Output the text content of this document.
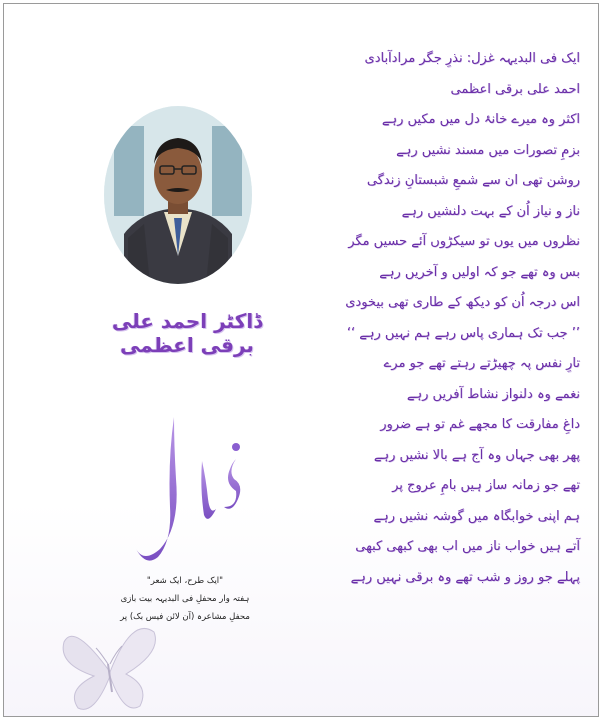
ایک فی البدیہہ غزل: نذرِ جگر مرادآبادی
احمد علی برقی اعظمی
اکثر وہ میرے خانۂ دل میں مکیں رہے
بزمِ تصورات میں مسند نشیں رہے
روشن تھی ان سے شمعِ شبستانِ زندگی
ناز و نیاز اُن کے بہت دلنشیں رہے
نظروں میں یوں تو سیکڑوں آئے حسیں مگر
بس وہ تھے جو کہ اولیں و آخریں رہے
اس درجہ اُن کو دیکھ کے طاری تھی بیخودی
’’ جب تک ہماری پاس رہے ہم نہیں رہے ‘‘
تارِ نفس پہ چھیڑتے رہتے تھے جو مرے
نغمے وہ دلنواز نشاط آفریں رہے
داغِ مفارقت کا مجھے غم تو ہے ضرور
پھر بھی جہاں وہ آج ہے بالا نشیں رہے
تھے جو زمانہ ساز ہیں بامِ عروج پر
ہم اپنی خوابگاہ میں گوشہ نشیں رہے
آتے ہیں خواب ناز میں اب بھی کبھی کبھی
پہلے جو روز و شب تھے وہ برقی نہیں رہے
ڈاکٹر احمد علی برقی اعظمی
"ایک طرح، ایک شعر"
ہفتہ وار محفلِ فی البدیہہ بیت بازی
محفلِ مشاعرہ (آن لائن فیس بک) پر
